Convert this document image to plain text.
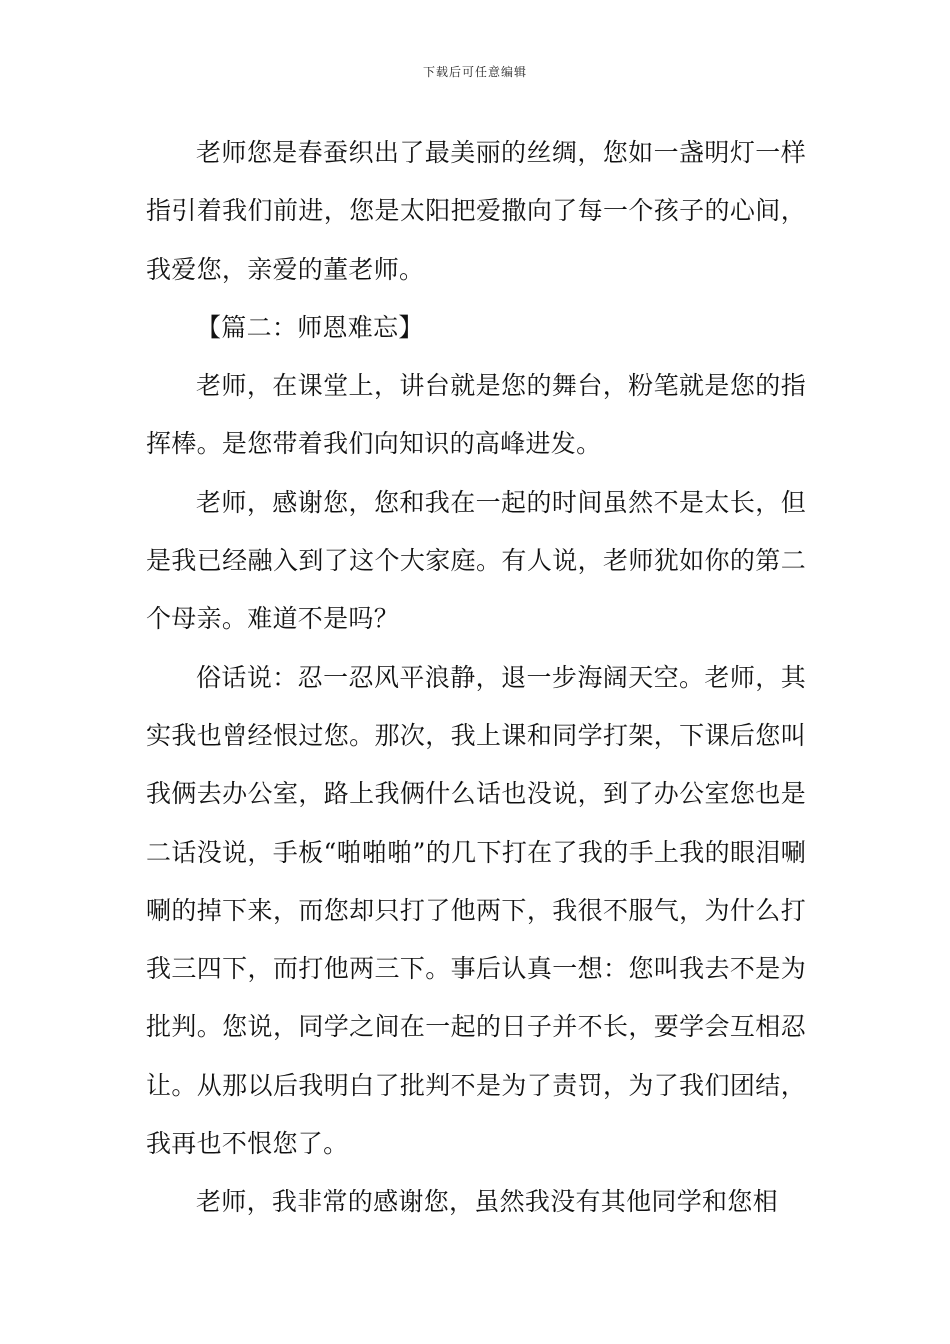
下载后可任意编辑

老师您是春蚕织出了最美丽的丝绸，您如一盏明灯一样指引着我们前进，您是太阳把爱撒向了每一个孩子的心间，我爱您，亲爱的董老师。

【篇二：师恩难忘】

老师，在课堂上，讲台就是您的舞台，粉笔就是您的指挥棒。是您带着我们向知识的高峰进发。

老师，感谢您，您和我在一起的时间虽然不是太长，但是我已经融入到了这个大家庭。有人说，老师犹如你的第二个母亲。难道不是吗？

俗话说：忍一忍风平浪静，退一步海阔天空。老师，其实我也曾经恨过您。那次，我上课和同学打架，下课后您叫我俩去办公室，路上我俩什么话也没说，到了办公室您也是二话没说，手板“啪啪啪”的几下打在了我的手上我的眼泪唰唰的掉下来，而您却只打了他两下，我很不服气，为什么打我三四下，而打他两三下。事后认真一想：您叫我去不是为批判。您说，同学之间在一起的日子并不长，要学会互相忍让。从那以后我明白了批判不是为了责罚，为了我们团结，我再也不恨您了。

老师，我非常的感谢您，虽然我没有其他同学和您相
